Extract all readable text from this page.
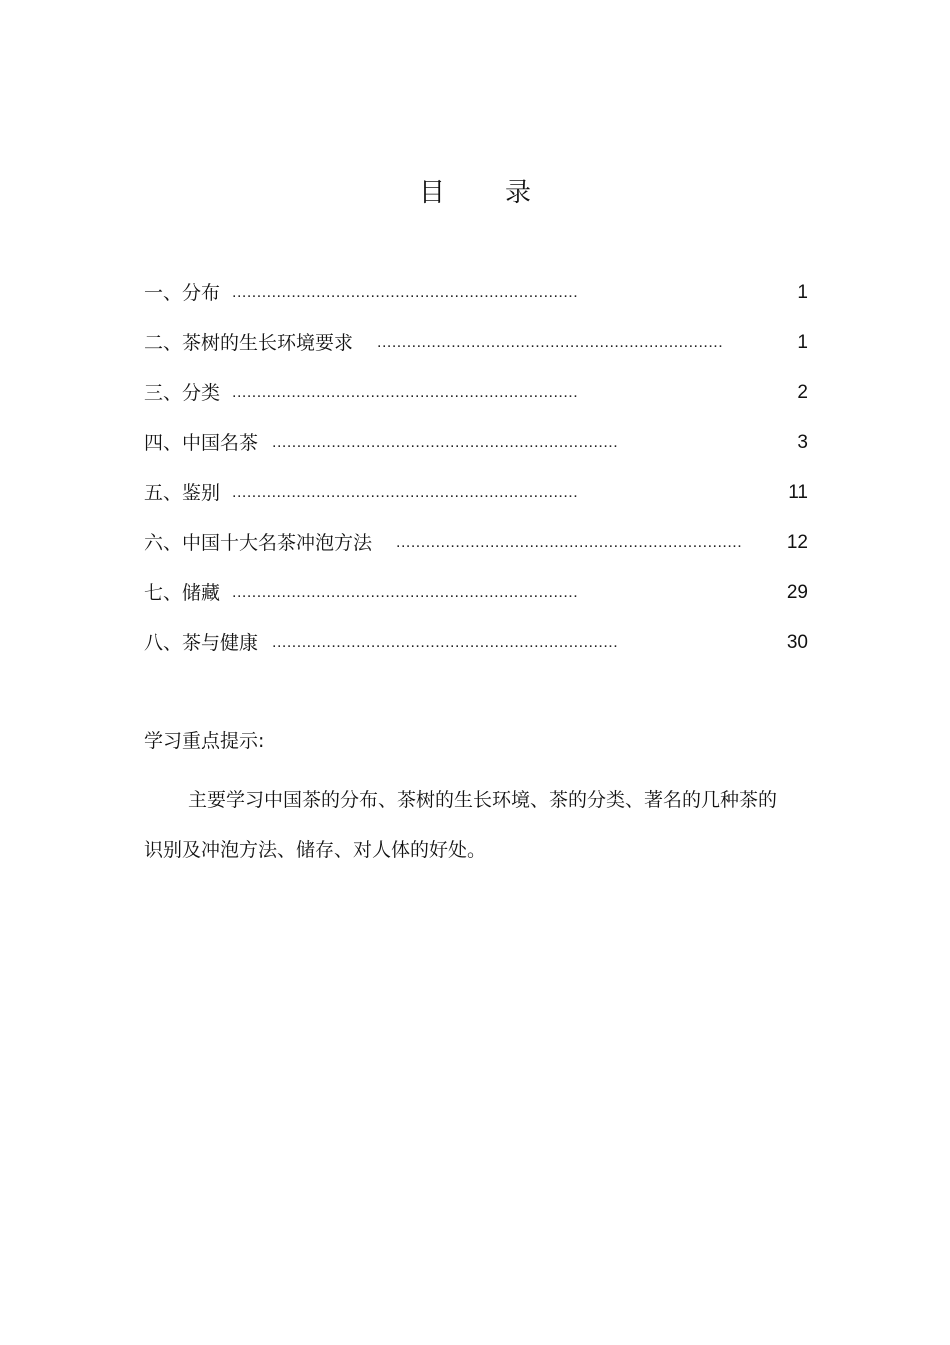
目 录
一、分布 ......................................................................	1
二、茶树的生长环境要求 ......................................................................	1
三、分类 ......................................................................	2
四、中国名茶 ......................................................................	3
五、鉴别 ......................................................................	11
六、中国十大名茶冲泡方法 ...................................................................... 12
七、储藏 ......................................................................	29
八、茶与健康 ......................................................................	30
学习重点提示:
主要学习中国茶的分布、茶树的生长环境、茶的分类、著名的几种茶的识别及冲泡方法、储存、对人体的好处。
